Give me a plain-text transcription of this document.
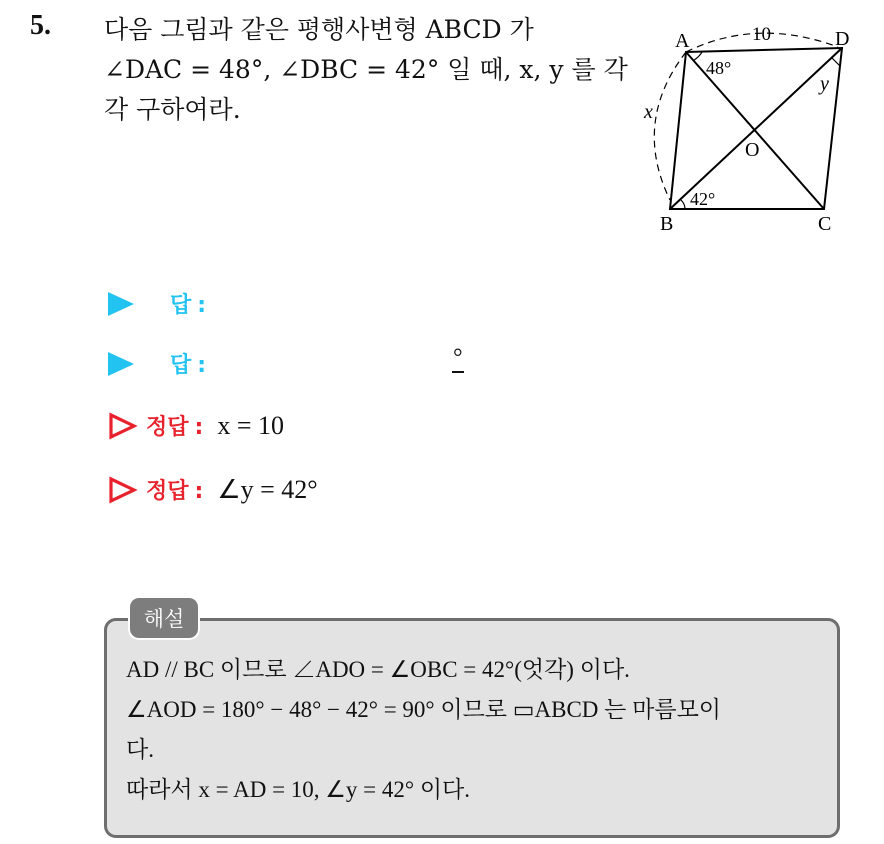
5. 다음 그림과 같은 평행사변형 ABCD 가
∠DAC = 48°, ∠DBC = 42° 일 때, x, y 를 각
각 구하여라.
A	D
B	C
O
10
x
y
48°
42°
답 :
답 :	°
정답 : x = 10
정답 : ∠y = 42°
해설
AD // BC 이므로 ∠ADO = ∠OBC = 42°(엇각) 이다.
∠AOD = 180° − 48° − 42° = 90° 이므로 ▭ABCD 는 마름모이
다.
따라서 x = AD = 10, ∠y = 42° 이다.
